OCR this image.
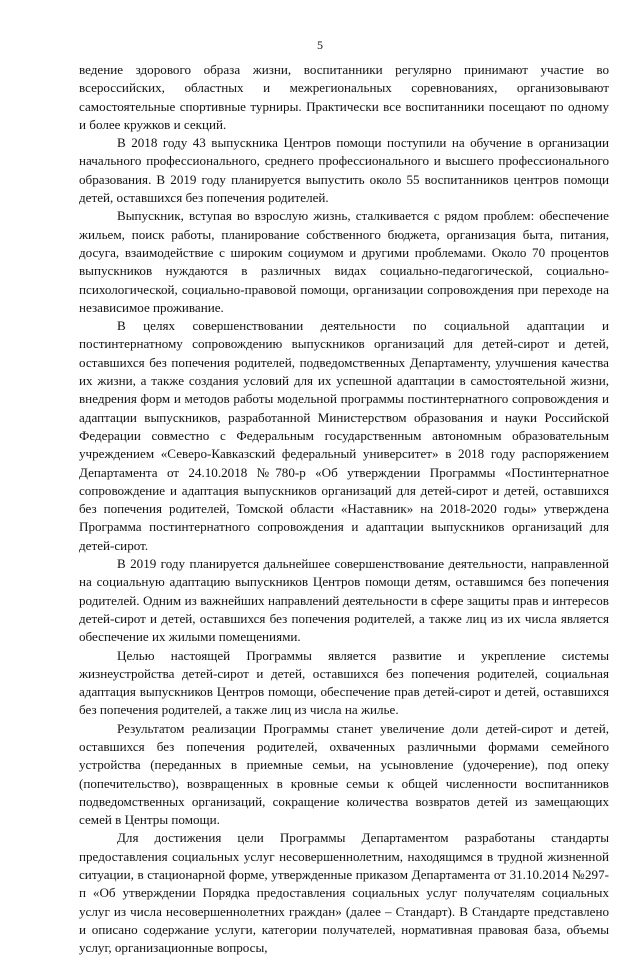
5

ведение здорового образа жизни, воспитанники регулярно принимают участие во всероссийских, областных и межрегиональных соревнованиях, организовывают самостоятельные спортивные турниры. Практически все воспитанники посещают по одному и более кружков и секций.

В 2018 году 43 выпускника Центров помощи поступили на обучение в организации начального профессионального, среднего профессионального и высшего профессионального образования. В 2019 году планируется выпустить около 55 воспитанников центров помощи детей, оставшихся без попечения родителей.

Выпускник, вступая во взрослую жизнь, сталкивается с рядом проблем: обеспечение жильем, поиск работы, планирование собственного бюджета, организация быта, питания, досуга, взаимодействие с широким социумом и другими проблемами. Около 70 процентов выпускников нуждаются в различных видах социально-педагогической, социально-психологической, социально-правовой помощи, организации сопровождения при переходе на независимое проживание.

В целях совершенствовании деятельности по социальной адаптации и постинтернатному сопровождению выпускников организаций для детей-сирот и детей, оставшихся без попечения родителей, подведомственных Департаменту, улучшения качества их жизни, а также создания условий для их успешной адаптации в самостоятельной жизни, внедрения форм и методов работы модельной программы постинтернатного сопровождения и адаптации выпускников, разработанной Министерством образования и науки Российской Федерации совместно с Федеральным государственным автономным образовательным учреждением «Северо-Кавказский федеральный университет» в 2018 году распоряжением Департамента от 24.10.2018 №780-р «Об утверждении Программы «Постинтернатное сопровождение и адаптация выпускников организаций для детей-сирот и детей, оставшихся без попечения родителей, Томской области «Наставник» на 2018-2020 годы» утверждена Программа постинтернатного сопровождения и адаптации выпускников организаций для детей-сирот.

В 2019 году планируется дальнейшее совершенствование деятельности, направленной на социальную адаптацию выпускников Центров помощи детям, оставшимся без попечения родителей. Одним из важнейших направлений деятельности в сфере защиты прав и интересов детей-сирот и детей, оставшихся без попечения родителей, а также лиц из их числа является обеспечение их жилыми помещениями.

Целью настоящей Программы является развитие и укрепление системы жизнеустройства детей-сирот и детей, оставшихся без попечения родителей, социальная адаптация выпускников Центров помощи, обеспечение прав детей-сирот и детей, оставшихся без попечения родителей, а также лиц из числа на жилье.

Результатом реализации Программы станет увеличение доли детей-сирот и детей, оставшихся без попечения родителей, охваченных различными формами семейного устройства (переданных в приемные семьи, на усыновление (удочерение), под опеку (попечительство), возвращенных в кровные семьи к общей численности воспитанников подведомственных организаций, сокращение количества возвратов детей из замещающих семей в Центры помощи.

Для достижения цели Программы Департаментом разработаны стандарты предоставления социальных услуг несовершеннолетним, находящимся в трудной жизненной ситуации, в стационарной форме, утвержденные приказом Департамента от 31.10.2014 №297-п «Об утверждении Порядка предоставления социальных услуг получателям социальных услуг из числа несовершеннолетних граждан» (далее – Стандарт). В Стандарте представлено и описано содержание услуги, категории получателей, нормативная правовая база, объемы услуг, организационные вопросы,
